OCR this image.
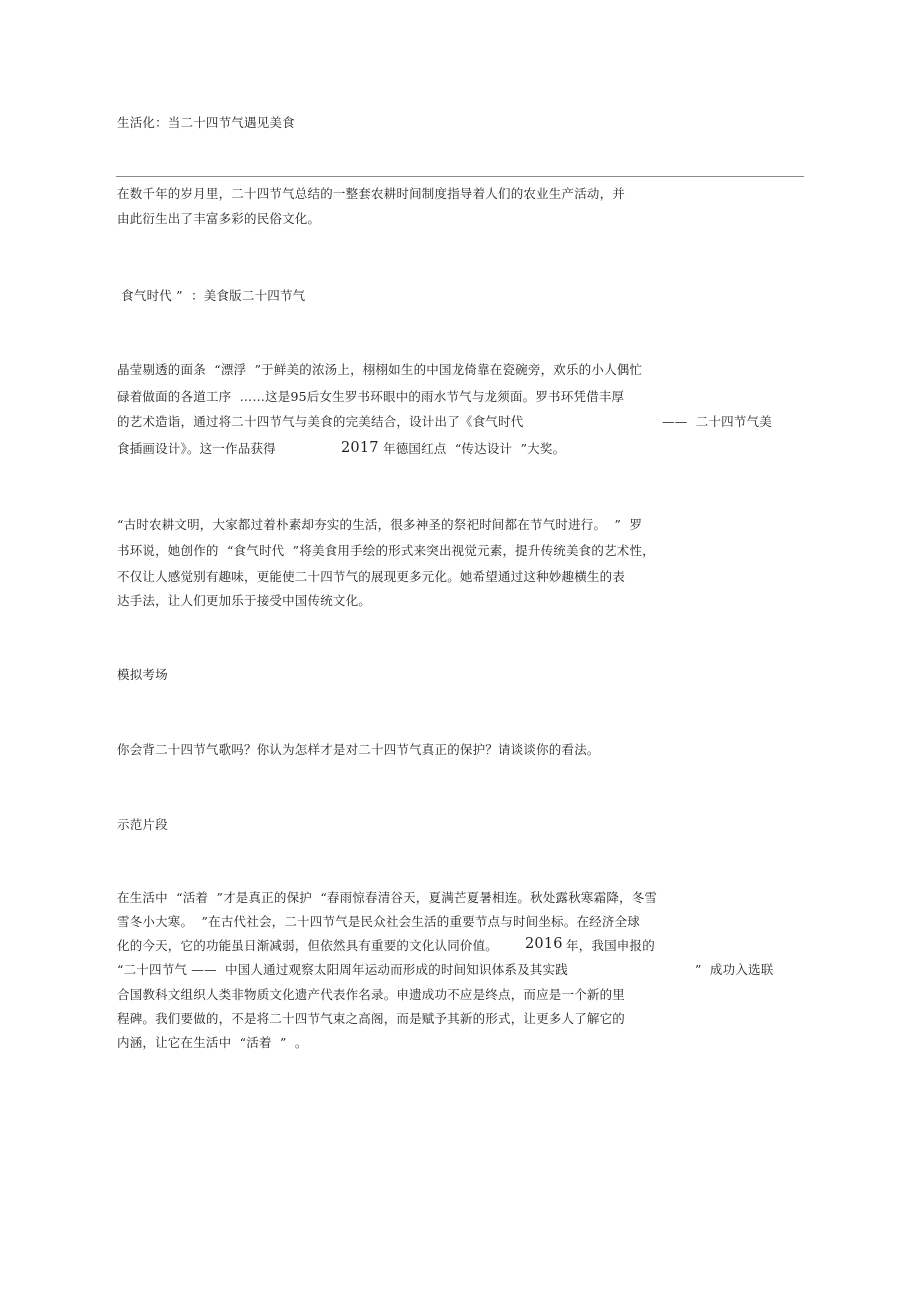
生活化：当二十四节气遇见美食

在数千年的岁月里，二十四节气总结的一整套农耕时间制度指导着人们的农业生产活动，并

由此衍生出了丰富多彩的民俗文化。

食气时代 ”  ：美食版二十四节气

晶莹剔透的面条  “漂浮  ”于鲜美的浓汤上，栩栩如生的中国龙倚靠在瓷碗旁，欢乐的小人偶忙

碌着做面的各道工序  ……这是95后女生罗书环眼中的雨水节气与龙须面。罗书环凭借丰厚

的艺术造诣，通过将二十四节气与美食的完美结合，设计出了《食气时代	——  二十四节气美

食插画设计》。这一作品获得	2017 年德国红点  “传达设计  ”大奖。

“古时农耕文明，大家都过着朴素却夯实的生活，很多神圣的祭祀时间都在节气时进行。  ”  罗

书环说，她创作的  “食气时代  ”将美食用手绘的形式来突出视觉元素，提升传统美食的艺术性，

不仅让人感觉别有趣味，更能使二十四节气的展现更多元化。她希望通过这种妙趣横生的表

达手法，让人们更加乐于接受中国传统文化。

模拟考场

你会背二十四节气歌吗？你认为怎样才是对二十四节气真正的保护？请谈谈你的看法。

示范片段

在生活中  “活着  ”才是真正的保护  “春雨惊春清谷天，夏满芒夏暑相连。秋处露秋寒霜降，冬雪

雪冬小大寒。  ”在古代社会，二十四节气是民众社会生活的重要节点与时间坐标。在经济全球

化的今天，它的功能虽日渐减弱，但依然具有重要的文化认同价值。 2016 年，我国申报的

“二十四节气 ——  中国人通过观察太阳周年运动而形成的时间知识体系及其实践	”  成功入选联

合国教科文组织人类非物质文化遗产代表作名录。申遗成功不应是终点，而应是一个新的里

程碑。我们要做的，不是将二十四节气束之高阁，而是赋予其新的形式，让更多人了解它的

内涵，让它在生活中  “活着  ”  。
